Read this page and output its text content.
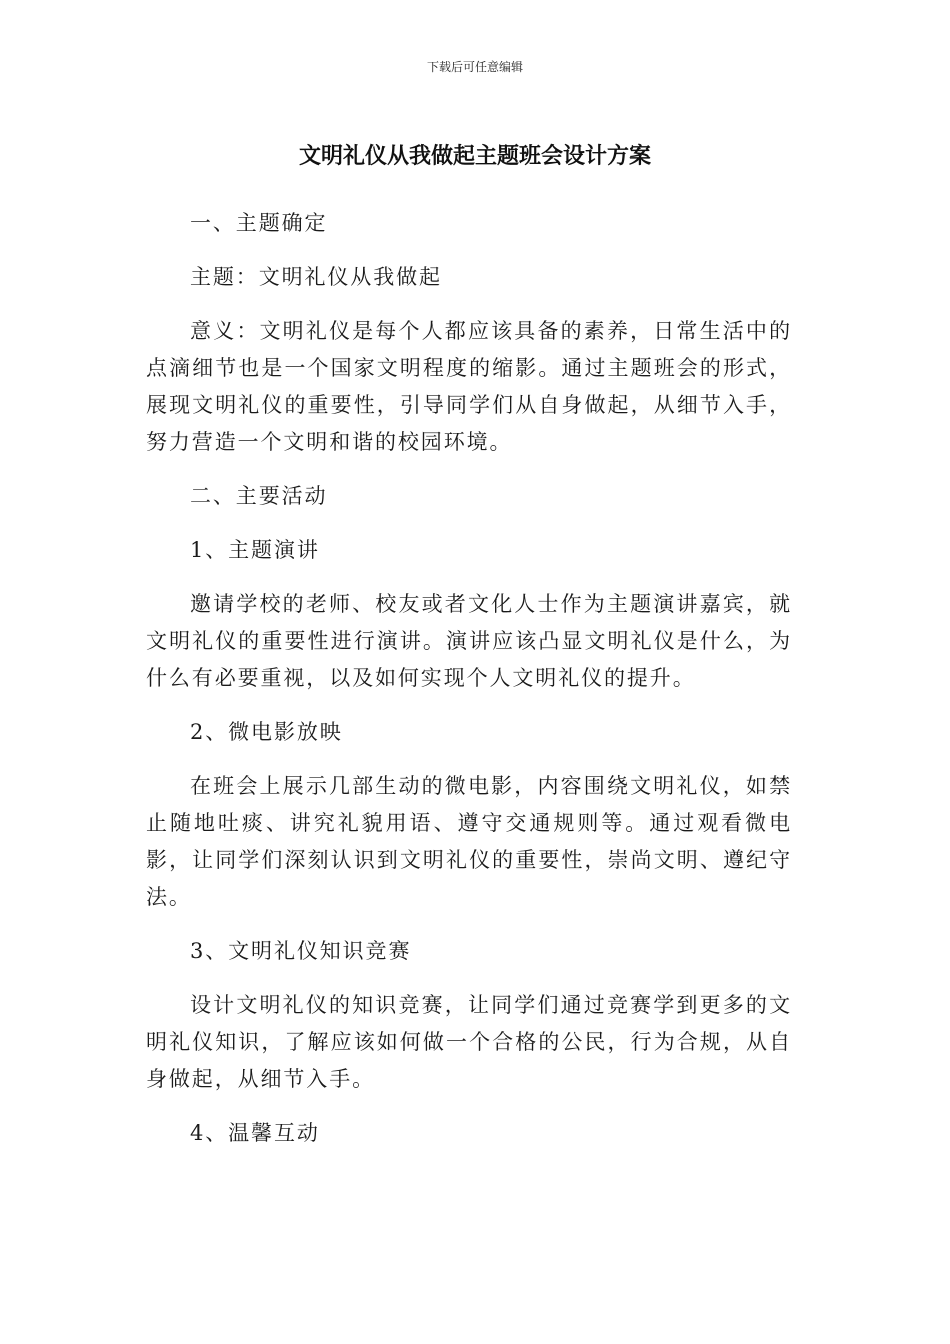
下载后可任意编辑
文明礼仪从我做起主题班会设计方案

一、主题确定

主题：文明礼仪从我做起

意义：文明礼仪是每个人都应该具备的素养，日常生活中的点滴细节也是一个国家文明程度的缩影。通过主题班会的形式，展现文明礼仪的重要性，引导同学们从自身做起，从细节入手，努力营造一个文明和谐的校园环境。

二、主要活动

1、主题演讲

邀请学校的老师、校友或者文化人士作为主题演讲嘉宾，就文明礼仪的重要性进行演讲。演讲应该凸显文明礼仪是什么，为什么有必要重视，以及如何实现个人文明礼仪的提升。

2、微电影放映

在班会上展示几部生动的微电影，内容围绕文明礼仪，如禁止随地吐痰、讲究礼貌用语、遵守交通规则等。通过观看微电影，让同学们深刻认识到文明礼仪的重要性，崇尚文明、遵纪守法。

3、文明礼仪知识竞赛

设计文明礼仪的知识竞赛，让同学们通过竞赛学到更多的文明礼仪知识，了解应该如何做一个合格的公民，行为合规，从自身做起，从细节入手。

4、温馨互动
